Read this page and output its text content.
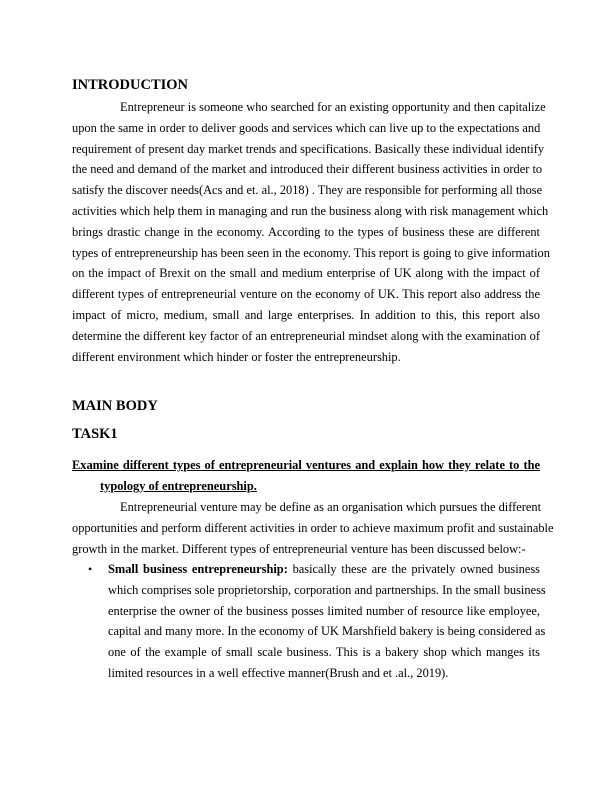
INTRODUCTION
Entrepreneur is someone who searched for an existing opportunity and then capitalize
upon the same in order to deliver goods and services which can live up to the expectations and
requirement of present day market trends and specifications. Basically these individual identify
the need and demand of the market and introduced their different business activities in order to
satisfy the discover needs(Acs and et. al., 2018) . They are responsible for performing all those
activities which help them in managing and run the business along with risk management which
brings drastic change in the economy. According to the types of business these are different
types of entrepreneurship has been seen in the economy. This report is going to give information
on the impact of Brexit on the small and medium enterprise of UK along with the impact of
different types of entrepreneurial venture on the economy of UK. This report also address the
impact of micro, medium, small and large enterprises. In addition to this, this report also
determine the different key factor of an entrepreneurial mindset along with the examination of
different environment which hinder or foster the entrepreneurship.
MAIN BODY
TASK1
Examine different types of entrepreneurial ventures and explain how they relate to the
typology of entrepreneurship.
Entrepreneurial venture may be define as an organisation which pursues the different
opportunities and perform different activities in order to achieve maximum profit and sustainable
growth in the market. Different types of entrepreneurial venture has been discussed below:-
• Small business entrepreneurship: basically these are the privately owned business
which comprises sole proprietorship, corporation and partnerships. In the small business
enterprise the owner of the business posses limited number of resource like employee,
capital and many more. In the economy of UK Marshfield bakery is being considered as
one of the example of small scale business. This is a bakery shop which manges its
limited resources in a well effective manner(Brush and et .al., 2019).
